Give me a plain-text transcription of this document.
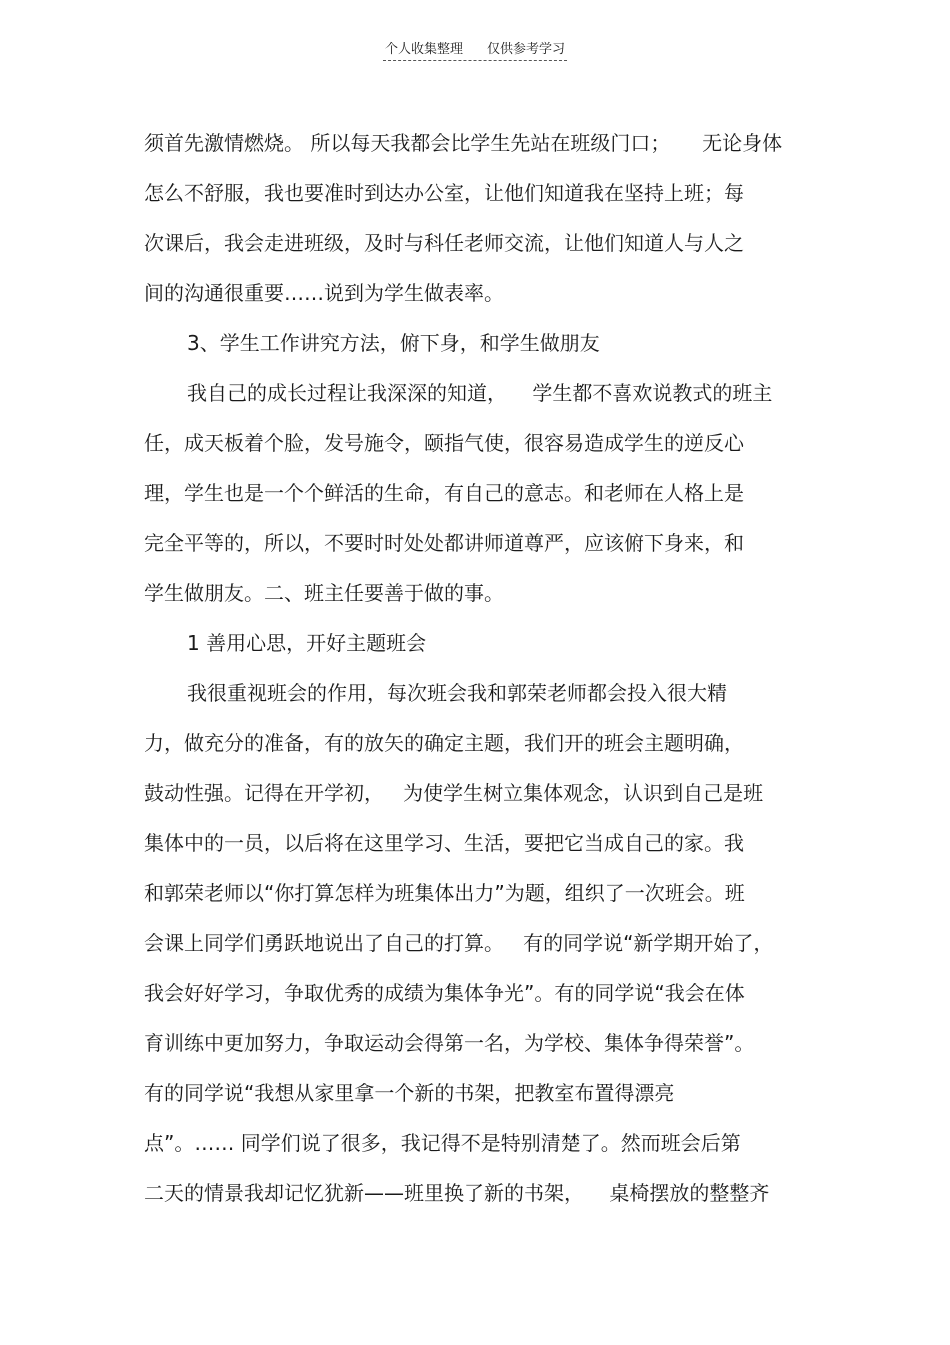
个人收集整理 仅供参考学习
须首先激情燃烧。 所以每天我都会比学生先站在班级门口；     无论身体
怎么不舒服，我也要准时到达办公室，让他们知道我在坚持上班；每
次课后，我会走进班级，及时与科任老师交流，让他们知道人与人之
间的沟通很重要……说到为学生做表率。
3、学生工作讲究方法，俯下身，和学生做朋友
我自己的成长过程让我深深的知道，    学生都不喜欢说教式的班主
任，成天板着个脸，发号施令，颐指气使，很容易造成学生的逆反心
理，学生也是一个个鲜活的生命，有自己的意志。和老师在人格上是
完全平等的，所以，不要时时处处都讲师道尊严，应该俯下身来，和
学生做朋友。二、班主任要善于做的事。
1 善用心思，开好主题班会
我很重视班会的作用，每次班会我和郭荣老师都会投入很大精
力，做充分的准备，有的放矢的确定主题，我们开的班会主题明确，
鼓动性强。记得在开学初，   为使学生树立集体观念，认识到自己是班
集体中的一员，以后将在这里学习、生活，要把它当成自己的家。我
和郭荣老师以“你打算怎样为班集体出力”为题，组织了一次班会。班
会课上同学们勇跃地说出了自己的打算。   有的同学说“新学期开始了，
我会好好学习，争取优秀的成绩为集体争光”。有的同学说“我会在体
育训练中更加努力，争取运动会得第一名，为学校、集体争得荣誉”。
有的同学说“我想从家里拿一个新的书架，把教室布置得漂亮
点”。…… 同学们说了很多，我记得不是特别清楚了。然而班会后第
二天的情景我却记忆犹新——班里换了新的书架，    桌椅摆放的整整齐
